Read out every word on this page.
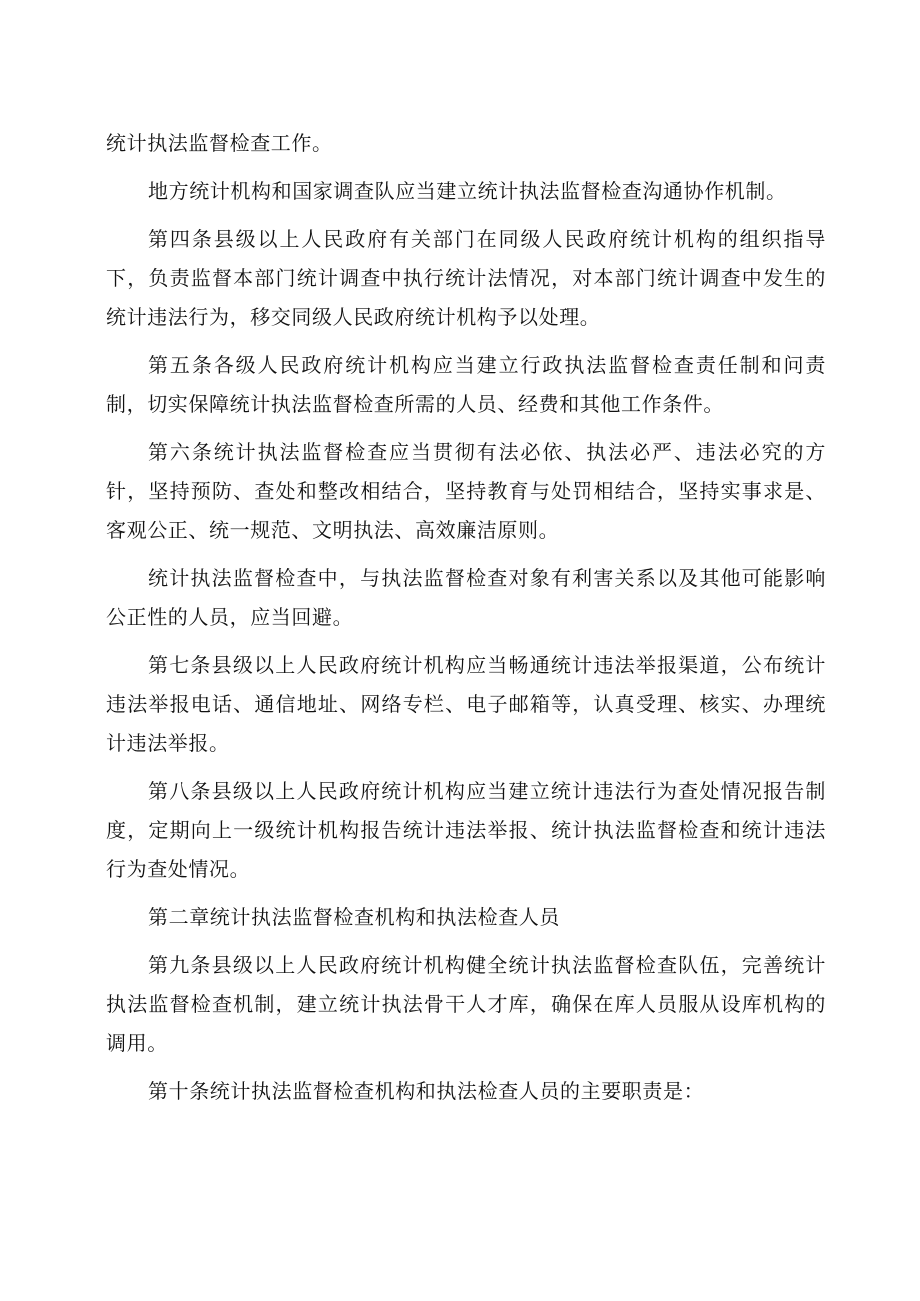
统计执法监督检查工作。

地方统计机构和国家调查队应当建立统计执法监督检查沟通协作机制。

第四条县级以上人民政府有关部门在同级人民政府统计机构的组织指导下，负责监督本部门统计调查中执行统计法情况，对本部门统计调查中发生的统计违法行为，移交同级人民政府统计机构予以处理。

第五条各级人民政府统计机构应当建立行政执法监督检查责任制和问责制，切实保障统计执法监督检查所需的人员、经费和其他工作条件。

第六条统计执法监督检查应当贯彻有法必依、执法必严、违法必究的方针，坚持预防、查处和整改相结合，坚持教育与处罚相结合，坚持实事求是、客观公正、统一规范、文明执法、高效廉洁原则。

统计执法监督检查中，与执法监督检查对象有利害关系以及其他可能影响公正性的人员，应当回避。

第七条县级以上人民政府统计机构应当畅通统计违法举报渠道，公布统计违法举报电话、通信地址、网络专栏、电子邮箱等，认真受理、核实、办理统计违法举报。

第八条县级以上人民政府统计机构应当建立统计违法行为查处情况报告制度，定期向上一级统计机构报告统计违法举报、统计执法监督检查和统计违法行为查处情况。

第二章统计执法监督检查机构和执法检查人员

第九条县级以上人民政府统计机构健全统计执法监督检查队伍，完善统计执法监督检查机制，建立统计执法骨干人才库，确保在库人员服从设库机构的调用。

第十条统计执法监督检查机构和执法检查人员的主要职责是：
